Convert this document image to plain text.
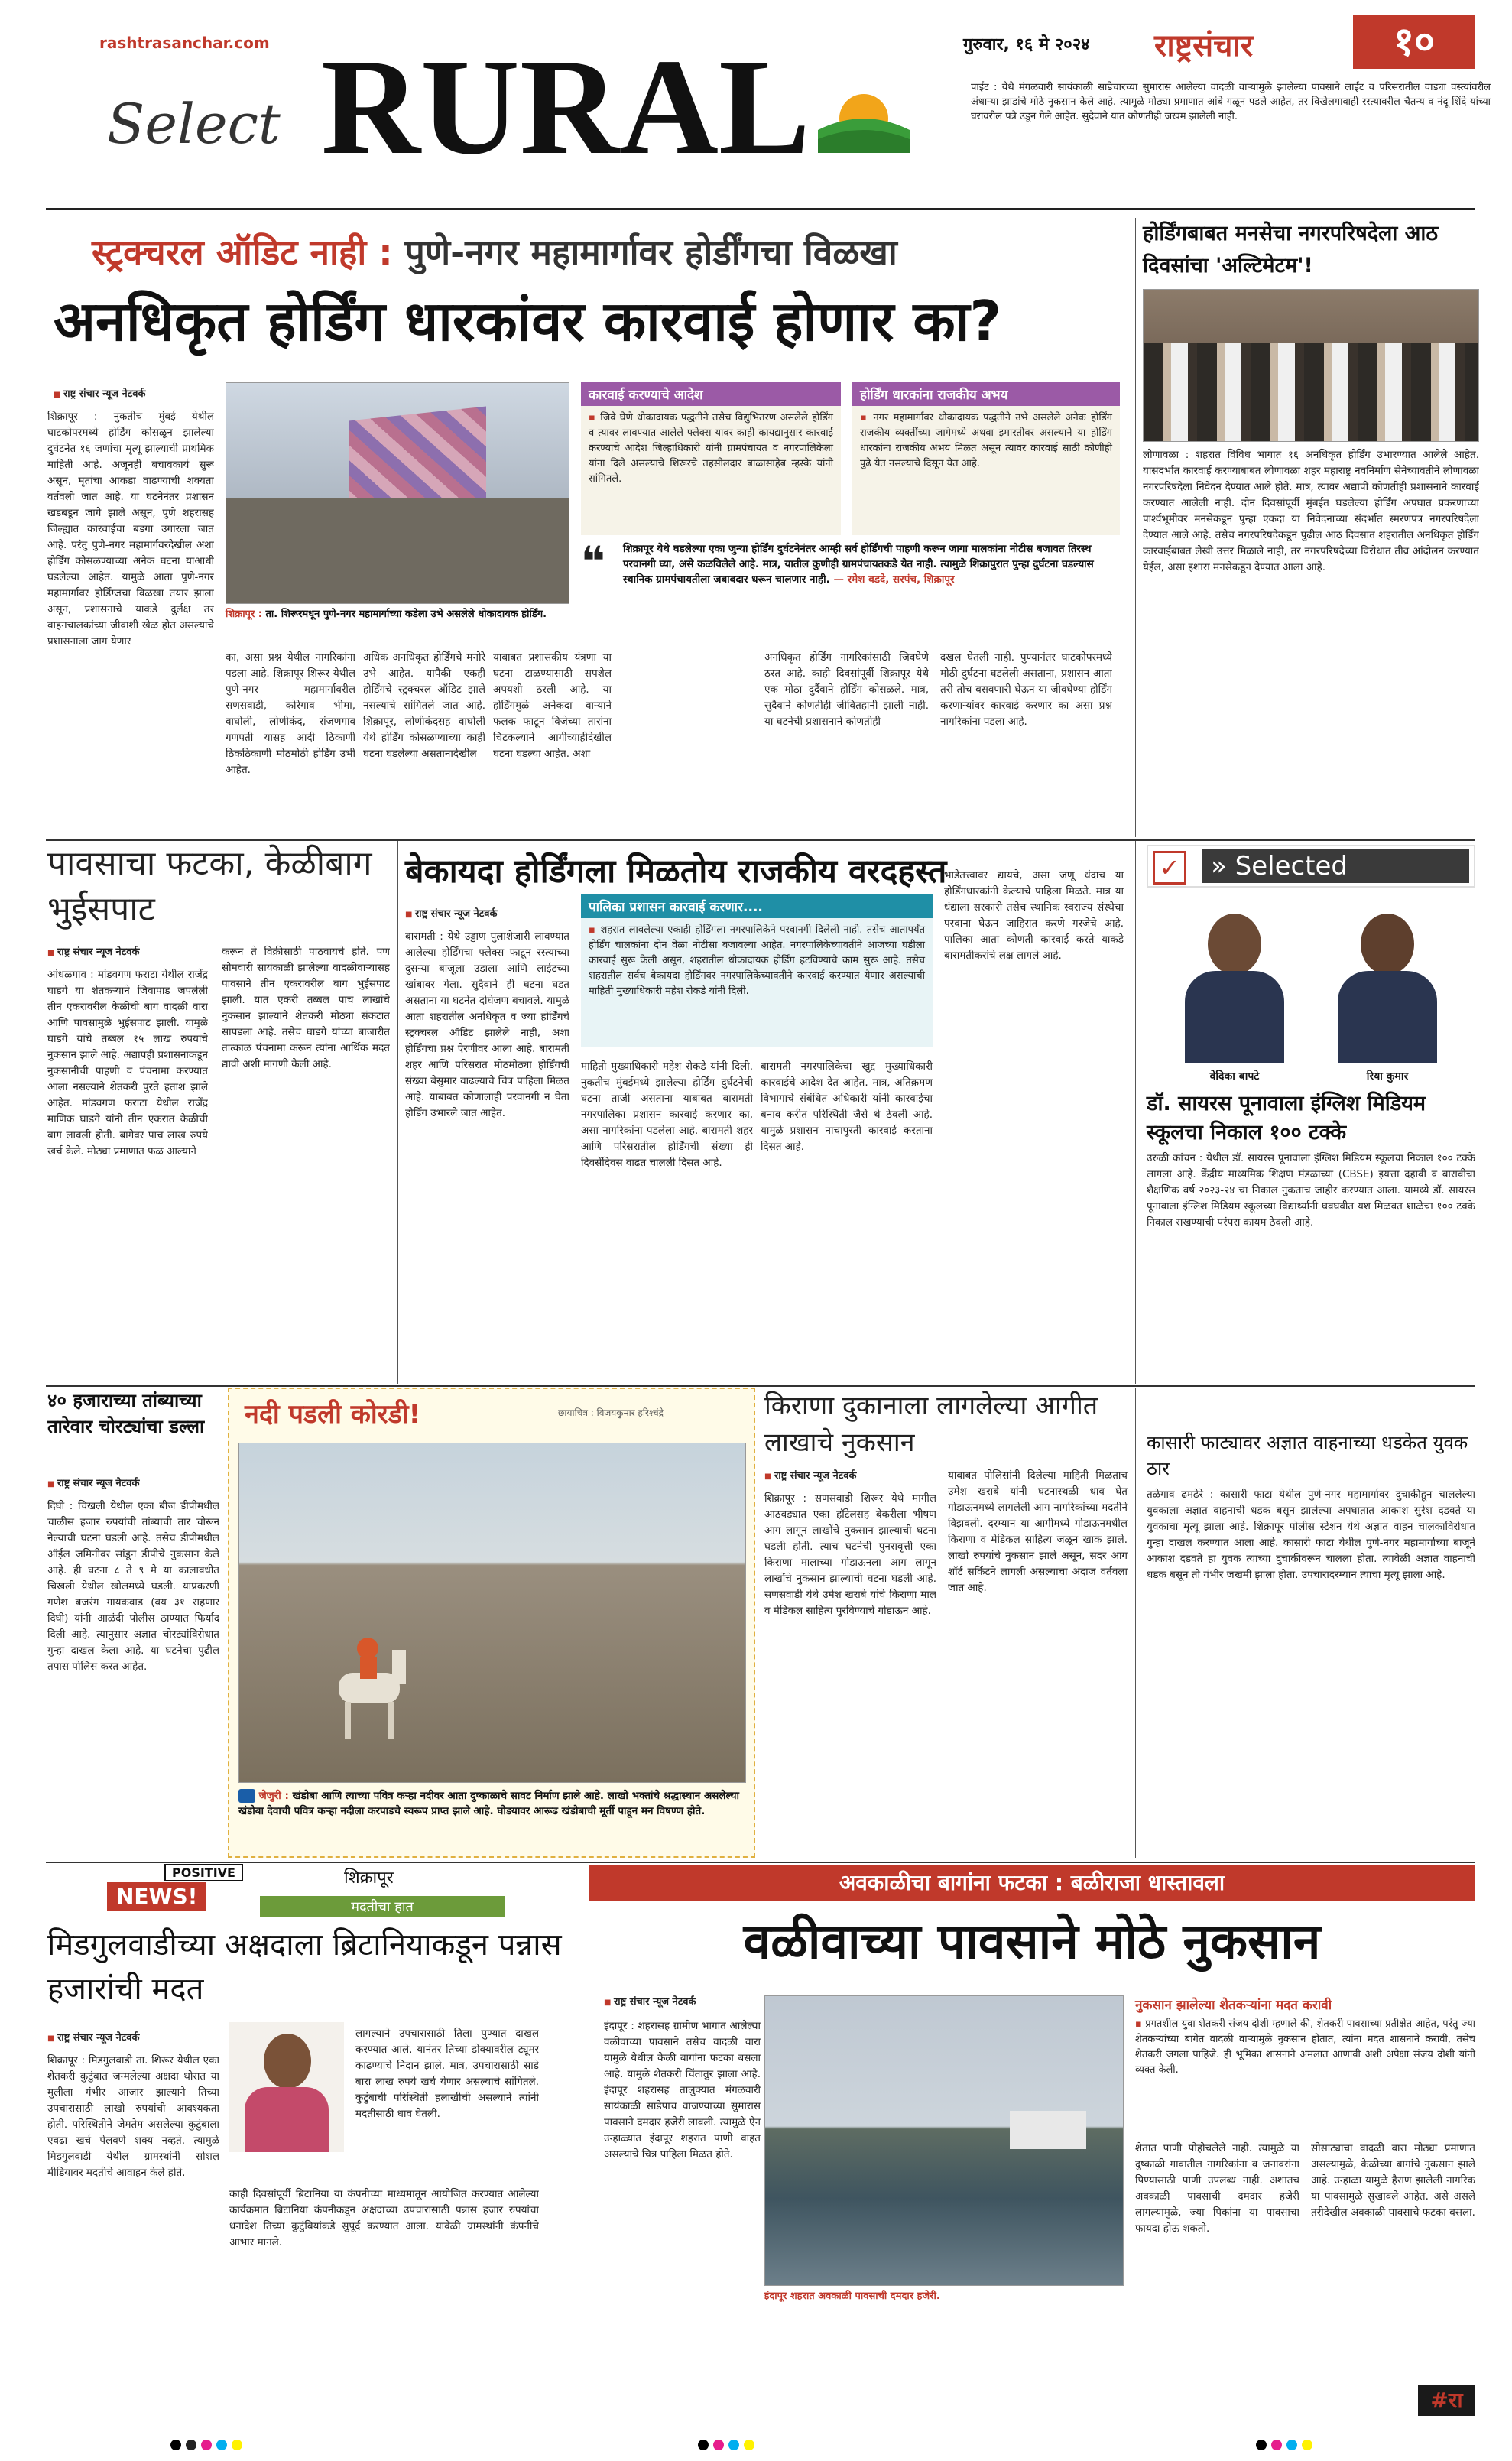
rashtrasanchar.com
Select RURAL	गुरुवार, १६ मे २०२४ राष्ट्रसंचार	१०
पाईट : येथे मंगळवारी सायंकाळी साडेचारच्या सुमारास आलेल्या वादळी वाऱ्यामुळे झालेल्या पावसाने लाईट व परिसरातील वाड्या वस्त्यांवरील अंधाऱ्या झाडांचे मोठे नुकसान केले आहे. त्यामुळे मोठ्या प्रमाणात आंबे गळून पडले आहेत, तर विखेलगावाही रस्त्यावरील चैतन्य व नंदू शिंदे यांच्या घरावरील पत्रे उडून गेले आहेत. सुदैवाने यात कोणतीही जखम झालेली नाही.
स्ट्रक्चरल ऑडिट नाही : पुणे-नगर महामार्गावर होर्डींगचा विळखा
अनधिकृत होर्डिंग धारकांवर कारवाई होणार का?
■ राष्ट्र संचार न्यूज नेटवर्क
शिक्रापूर : नुकतीच मुंबई येथील घाटकोपरमध्ये होर्डिंग कोसळून झालेल्या दुर्घटनेत १६ जणांचा मृत्यू झाल्याची प्राथमिक माहिती आहे. अजूनही बचावकार्य सुरू असून, मृतांचा आकडा वाढण्याची शक्यता वर्तवली जात आहे. या घटनेनंतर प्रशासन खडबडून जागे झाले असून, पुणे शहरासह जिल्ह्यात कारवाईचा बडगा उगारला जात आहे. परंतु पुणे-नगर महामार्गवरदेखील अशा होर्डिंग कोसळण्याच्या अनेक घटना याआधी घडलेल्या आहेत. यामुळे आता पुणे-नगर महामार्गावर होर्डिंग्जचा विळखा तयार झाला असून, प्रशासनाचे याकडे दुर्लक्ष तर वाहनचालकांच्या जीवाशी खेळ होत असल्याचे प्रशासनाला जाग येणार
शिक्रापूर : ता. शिरूरमधून पुणे-नगर महामार्गाच्या कडेला उभे असलेले धोकादायक होर्डिंग.
कारवाई करण्याचे आदेश
▪ जिवे घेणे धोकादायक पद्धतीने तसेच विद्युभितरण असलेले होर्डिंग व त्यावर लावण्यात आलेले फ्लेक्स यावर काही कायद्यानुसार कारवाई करण्याचे आदेश जिल्हाधिकारी यांनी ग्रामपंचायत व नगरपालिकेला यांना दिले असल्याचे शिरूरचे तहसीलदार बाळासाहेब म्हस्के यांनी सांगितले.
होर्डिंग धारकांना राजकीय अभय
▪ नगर महामार्गावर धोकादायक पद्धतीने उभे असलेले अनेक होर्डिंग राजकीय व्यक्तींच्या जागेमध्ये अथवा इमारतीवर असल्याने या होर्डिंग धारकांना राजकीय अभय मिळत असून त्यावर कारवाई साठी कोणीही पुढे येत नसल्याचे दिसून येत आहे.
❝ शिक्रापूर येथे घडलेल्या एका जुन्या होर्डिंग दुर्घटनेनंतर आम्ही सर्व होर्डिंगची पाहणी करून जागा मालकांना नोटीस बजावत तिरस्थ परवानगी घ्या, असे कळविलेले आहे. मात्र, यातील कुणीही ग्रामपंचायतकडे येत नाही. त्यामुळे शिक्रापुरात पुन्हा दुर्घटना घडल्यास स्थानिक ग्रामपंचायतीला जबाबदार धरून चालणार नाही. — रमेश बडदे, सरपंच, शिक्रापूर
का, असा प्रश्न येथील नागरिकांना पडला आहे. शिक्रापूर शिरूर येथील पुणे-नगर महामार्गावरील सणसवाडी, कोरेगाव भीमा, वाघोली, लोणीकंद, रांजणगाव गणपती यासह आदी ठिकाणी ठिकठिकाणी मोठमोठी होर्डिंग उभी आहेत.
अधिक अनधिकृत होर्डिंगचे मनोरे उभे आहेत. यापैकी एकही होर्डिंगचे स्ट्रक्चरल ऑडिट झाले नसल्याचे सांगितले जात आहे. शिक्रापूर, लोणीकंदसह वाघोली येथे होर्डिंग कोसळण्याच्या काही घटना घडलेल्या असतानादेखील
याबाबत प्रशासकीय यंत्रणा या घटना टाळण्यासाठी सपशेल अपयशी ठरली आहे. या होर्डिंगमुळे अनेकदा वाऱ्याने फलक फाटून विजेच्या तारांना चिटकल्याने आगीच्याहीदेखील घटना घडल्या आहेत. अशा
अनधिकृत होर्डिंग नागरिकांसाठी जिवघेणे ठरत आहे. काही दिवसांपूर्वी शिक्रापूर येथे एक मोठा दुर्दैवाने होर्डिंग कोसळले. मात्र, सुदैवाने कोणतीही जीवितहानी झाली नाही. या घटनेची प्रशासनाने कोणतीही
दखल घेतली नाही. पुण्यानंतर घाटकोपरमध्ये मोठी दुर्घटना घडलेली असताना, प्रशासन आता तरी तोच बसवणारी घेऊन या जीवघेण्या होर्डिंग करणाऱ्यांवर कारवाई करणार का असा प्रश्न नागरिकांना पडला आहे.
होर्डिंगबाबत मनसेचा नगरपरिषदेला आठ दिवसांचा 'अल्टिमेटम'!
लोणावळा : शहरात विविध भागात १६ अनधिकृत होर्डिंग उभारण्यात आलेले आहेत. यासंदर्भात कारवाई करण्याबाबत लोणावळा शहर महाराष्ट्र नवनिर्माण सेनेच्यावतीने लोणावळा नगरपरिषदेला निवेदन देण्यात आले होते. मात्र, त्यावर अद्यापी कोणतीही प्रशासनाने कारवाई करण्यात आलेली नाही. दोन दिवसांपूर्वी मुंबईत घडलेल्या होर्डिंग अपघात प्रकरणाच्या पार्श्वभूमीवर मनसेकडून पुन्हा एकदा या निवेदनाच्या संदर्भात स्मरणपत्र नगरपरिषदेला देण्यात आले आहे. तसेच नगरपरिषदेकडून पुढील आठ दिवसात शहरातील अनधिकृत होर्डिंग कारवाईबाबत लेखी उत्तर मिळाले नाही, तर नगरपरिषदेच्या विरोधात तीव्र आंदोलन करण्यात येईल, असा इशारा मनसेकडून देण्यात आला आहे.
पावसाचा फटका, केळीबाग भुईसपाट
■ राष्ट्र संचार न्यूज नेटवर्क
आंधळगाव : मांडवगण फराटा येथील राजेंद्र घाडगे या शेतकऱ्याने जिवापाड जपलेली तीन एकरावरील केळीची बाग वादळी वारा आणि पावसामुळे भुईसपाट झाली. यामुळे घाडगे यांचे तब्बल १५ लाख रुपयांचे नुकसान झाले आहे. अद्यापही प्रशासनाकडून नुकसानीची पाहणी व पंचनामा करण्यात आला नसल्याने शेतकरी पुरते हताश झाले आहेत. मांडवगण फराटा येथील राजेंद्र माणिक घाडगे यांनी तीन एकरात केळीची बाग लावली होती. बागेवर पाच लाख रुपये खर्च केले. मोठ्या प्रमाणात फळ आल्याने
करून ते विक्रीसाठी पाठवायचे होते. पण सोमवारी सायंकाळी झालेल्या वादळीवाऱ्यासह पावसाने तीन एकरांवरील बाग भुईसपाट झाली. यात एकरी तब्बल पाच लाखांचे नुकसान झाल्याने शेतकरी मोठ्या संकटात सापडला आहे. तसेच घाडगे यांच्या बाजारीत तात्काळ पंचनामा करून त्यांना आर्थिक मदत द्यावी अशी मागणी केली आहे.
बेकायदा होर्डिंगला मिळतोय राजकीय वरदहस्त
■ राष्ट्र संचार न्यूज नेटवर्क
बारामती : येथे उड्डाण पुलाशेजारी लावण्यात आलेल्या होर्डिंगचा फ्लेक्स फाटून रस्त्याच्या दुसऱ्या बाजूला उडाला आणि लाईटच्या खांबावर गेला. सुदैवाने ही घटना घडत असताना या घटनेत दोघेजण बचावले. यामुळे आता शहरातील अनधिकृत व ज्या होर्डिंगचे स्ट्रक्चरल ऑडिट झालेले नाही, अशा होर्डिंगचा प्रश्न ऐरणीवर आला आहे. बारामती शहर आणि परिसरात मोठमोठ्या होर्डिंगची संख्या बेसुमार वाढल्याचे चित्र पाहिला मिळत आहे. याबाबत कोणालाही परवानगी न घेता होर्डिंग उभारले जात आहेत.
पालिका प्रशासन कारवाई करणार....
▪ शहरात लावलेल्या एकाही होर्डिंगला नगरपालिकेने परवानगी दिलेली नाही. तसेच आतापर्यंत होर्डिंग चालकांना दोन वेळा नोटीसा बजावल्या आहेत. नगरपालिकेच्यावतीने आजच्या घडीला कारवाई सुरू केली असून, शहरातील धोकादायक होर्डिंग हटविण्याचे काम सुरू आहे. तसेच शहरातील सर्वच बेकायदा होर्डिंगवर नगरपालिकेच्यावतीने कारवाई करण्यात येणार असल्याची माहिती मुख्याधिकारी महेश रोकडे यांनी दिली.
माहिती मुख्याधिकारी महेश रोकडे यांनी दिली. नुकतीच मुंबईमध्ये झालेल्या होर्डिंग दुर्घटनेची घटना ताजी असताना याबाबत बारामती नगरपालिका प्रशासन कारवाई करणार का, असा नागरिकांना पडलेला आहे. बारामती शहर आणि परिसरातील होर्डिंगची संख्या ही दिवसेंदिवस वाढत चालली दिसत आहे.
बारामती नगरपालिकेचा खुद्द मुख्याधिकारी कारवाईचे आदेश देत आहेत. मात्र, अतिक्रमण विभागाचे संबंधित अधिकारी यांनी कारवाईचा बनाव करीत परिस्थिती जैसे थे ठेवली आहे. यामुळे प्रशासन नाचापुरती कारवाई करताना दिसत आहे.
भाडेतत्त्वावर द्यायचे, असा जणू धंदाच या होर्डिंगधारकांनी केल्याचे पाहिला मिळते. मात्र या धंद्याला सरकारी तसेच स्थानिक स्वराज्य संस्थेचा परवाना घेऊन जाहिरात करणे गरजेचे आहे. पालिका आता कोणती कारवाई करते याकडे बारामतीकरांचे लक्ष लागले आहे.
✓	» Selected
वेदिका बापटे	रिया कुमार
डॉ. सायरस पूनावाला इंग्लिश मिडियम स्कूलचा निकाल १०० टक्के
उरुळी कांचन : येथील डॉ. सायरस पूनावाला इंग्लिश मिडियम स्कूलचा निकाल १०० टक्के लागला आहे. केंद्रीय माध्यमिक शिक्षण मंडळाच्या (CBSE) इयत्ता दहावी व बारावीचा शैक्षणिक वर्ष २०२३-२४ चा निकाल नुकताच जाहीर करण्यात आला. यामध्ये डॉ. सायरस पूनावाला इंग्लिश मिडियम स्कूलच्या विद्यार्थ्यांनी घवघवीत यश मिळवत शाळेचा १०० टक्के निकाल राखण्याची परंपरा कायम ठेवली आहे.
४० हजाराच्या तांब्याच्या तारेवार चोरट्यांचा डल्ला
■ राष्ट्र संचार न्यूज नेटवर्क
दिघी : चिखली येथील एका बीज डीपीमधील चाळीस हजार रुपयांची तांब्याची तार चोरून नेल्याची घटना घडली आहे. तसेच डीपीमधील ऑईल जमिनीवर सांडून डीपीचे नुकसान केले आहे. ही घटना ८ ते ९ मे या कालावधीत चिखली येथील खोलमध्ये घडली. याप्रकरणी गणेश बजरंग गायकवाड (वय ३१ राहणार दिघी) यांनी आळंदी पोलीस ठाण्यात फिर्याद दिली आहे. त्यानुसार अज्ञात चोरट्यांविरोधात गुन्हा दाखल केला आहे. या घटनेचा पुढील तपास पोलिस करत आहेत.
नदी पडली कोरडी!	छायाचित्र : विजयकुमार हरिश्चंद्रे
जेजुरी : खंडोबा आणि त्याच्या पवित्र कऱ्हा नदीवर आता दुष्काळाचे सावट निर्माण झाले आहे. लाखो भक्तांचे श्रद्धास्थान असलेल्या खंडोबा देवाची पवित्र कऱ्हा नदीला करपाडचे स्वरूप प्राप्त झाले आहे. घोडयावर आरूढ खंडोबाची मूर्ती पाहून मन विषण्ण होते.
किराणा दुकानाला लागलेल्या आगीत लाखाचे नुकसान
■ राष्ट्र संचार न्यूज नेटवर्क
शिक्रापूर : सणसवाडी शिरूर येथे मागील आठवड्यात एका हॉटेलसह बेकरीला भीषण आग लागून लाखोंचे नुकसान झाल्याची घटना घडली होती. त्याच घटनेची पुनरावृत्ती एका किराणा मालाच्या गोडाऊनला आग लागून लाखोंचे नुकसान झाल्याची घटना घडली आहे. सणसवाडी येथे उमेश खराबे यांचे किराणा माल व मेडिकल साहित्य पुरविण्याचे गोडाऊन आहे.
याबाबत पोलिसांनी दिलेल्या माहिती मिळताच उमेश खराबे यांनी घटनास्थळी धाव घेत गोडाऊनमध्ये लागलेली आग नागरिकांच्या मदतीने विझवली. दरम्यान या आगीमध्ये गोडाऊनमधील किराणा व मेडिकल साहित्य जळून खाक झाले. लाखो रुपयांचे नुकसान झाले असून, सदर आग शॉर्ट सर्किटने लागली असल्याचा अंदाज वर्तवला जात आहे.
कासारी फाट्यावर अज्ञात वाहनाच्या धडकेत युवक ठार
तळेगाव ढमढेरे : कासारी फाटा येथील पुणे-नगर महामार्गावर दुचाकीहून चाललेल्या युवकाला अज्ञात वाहनाची धडक बसून झालेल्या अपघातात आकाश सुरेश दडवते या युवकाचा मृत्यू झाला आहे. शिक्रापूर पोलीस स्टेशन येथे अज्ञात वाहन चालकाविरोधात गुन्हा दाखल करण्यात आला आहे. कासारी फाटा येथील पुणे-नगर महामार्गाच्या बाजूने आकाश दडवते हा युवक त्याच्या दुचाकीवरून चालला होता. त्यावेळी अज्ञात वाहनाची धडक बसून तो गंभीर जखमी झाला होता. उपचारादरम्यान त्याचा मृत्यू झाला आहे.
POSITIVE
NEWS!
शिक्रापूर
मदतीचा हात
मिडगुलवाडीच्या अक्षदाला ब्रिटानियाकडून पन्नास हजारांची मदत
■ राष्ट्र संचार न्यूज नेटवर्क
शिक्रापूर : मिडगुलवाडी ता. शिरूर येथील एका शेतकरी कुटुंबात जन्मलेल्या अक्षदा थोरात या मुलीला गंभीर आजार झाल्याने तिच्या उपचारासाठी लाखो रुपयांची आवश्यकता होती. परिस्थितीने जेमतेम असलेल्या कुटुंबाला एवढा खर्च पेलवणे शक्य नव्हते. त्यामुळे मिडगुलवाडी येथील ग्रामस्थांनी सोशल मीडियावर मदतीचे आवाहन केले होते.
लागल्याने उपचारासाठी तिला पुण्यात दाखल करण्यात आले. यानंतर तिच्या डोक्यावरील ट्यूमर काढण्याचे निदान झाले. मात्र, उपचारासाठी साडे बारा लाख रुपये खर्च येणार असल्याचे सांगितले. कुटुंबाची परिस्थिती हलाखीची असल्याने त्यांनी मदतीसाठी धाव घेतली.
काही दिवसांपूर्वी ब्रिटानिया या कंपनीच्या माध्यमातून आयोजित करण्यात आलेल्या कार्यक्रमात ब्रिटानिया कंपनीकडून अक्षदाच्या उपचारासाठी पन्नास हजार रुपयांचा धनादेश तिच्या कुटुंबियांकडे सुपूर्द करण्यात आला. यावेळी ग्रामस्थांनी कंपनीचे आभार मानले.
अवकाळीचा बागांना फटका : बळीराजा धास्तावला
वळीवाच्या पावसाने मोठे नुकसान
■ राष्ट्र संचार न्यूज नेटवर्क
इंदापूर : शहरासह ग्रामीण भागात आलेल्या वळीवाच्या पावसाने तसेच वादळी वारा यामुळे येथील केळी बागांना फटका बसला आहे. यामुळे शेतकरी चिंतातुर झाला आहे. इंदापूर शहरासह तालुक्यात मंगळवारी सायंकाळी साडेपाच वाजण्याच्या सुमारास पावसाने दमदार हजेरी लावली. त्यामुळे ऐन उन्हाळ्यात इंदापूर शहरात पाणी वाहत असल्याचे चित्र पाहिला मिळत होते.
इंदापूर शहरात अवकाळी पावसाची दमदार हजेरी.
नुकसान झालेल्या शेतकऱ्यांना मदत करावी
▪ प्रगतशील युवा शेतकरी संजय दोशी म्हणाले की, शेतकरी पावसाच्या प्रतीक्षेत आहेत, परंतु ज्या शेतकऱ्यांच्या बागेत वादळी वाऱ्यामुळे नुकसान होतात, त्यांना मदत शासनाने करावी, तसेच शेतकरी जगला पाहिजे. ही भूमिका शासनाने अमलात आणावी अशी अपेक्षा संजय दोशी यांनी व्यक्त केली.
शेतात पाणी पोहोचलेले नाही. त्यामुळे या दुष्काळी गावातील नागरिकांना व जनावरांना पिण्यासाठी पाणी उपलब्ध नाही. अशातच अवकाळी पावसाची दमदार हजेरी लागल्यामुळे, ज्या पिकांना या पावसाचा फायदा होऊ शकतो.
सोसाट्याचा वादळी वारा मोठ्या प्रमाणात असल्यामुळे, केळीच्या बागांचे नुकसान झाले आहे. उन्हाळा यामुळे हैराण झालेली नागरिक या पावसामुळे सुखावले आहेत. असे असले तरीदेखील अवकाळी पावसाचे फटका बसला.
#रा
